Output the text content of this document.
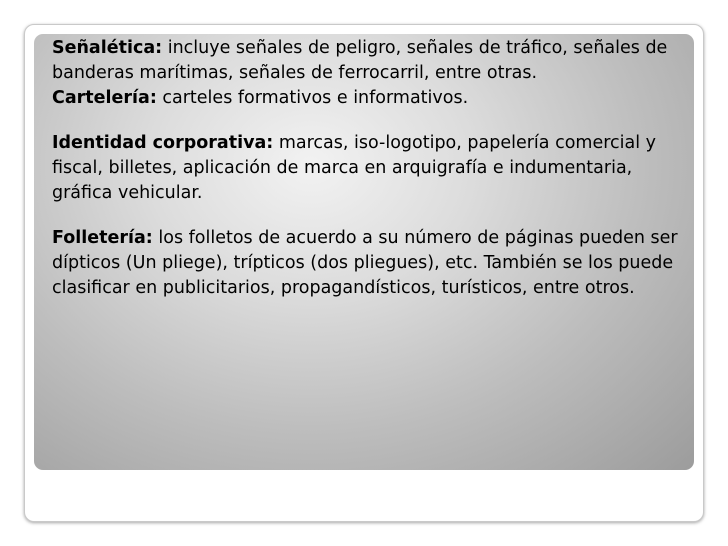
Señalética: incluye señales de peligro, señales de tráfico, señales de banderas marítimas, señales de ferrocarril, entre otras.

Cartelería: carteles formativos e informativos.

Identidad corporativa: marcas, iso-logotipo, papelería comercial y fiscal, billetes, aplicación de marca en arquigrafía e indumentaria, gráfica vehicular.

Folletería: los folletos de acuerdo a su número de páginas pueden ser dípticos (Un pliege), trípticos (dos pliegues), etc. También se los puede clasificar en publicitarios, propagandísticos, turísticos, entre otros.
